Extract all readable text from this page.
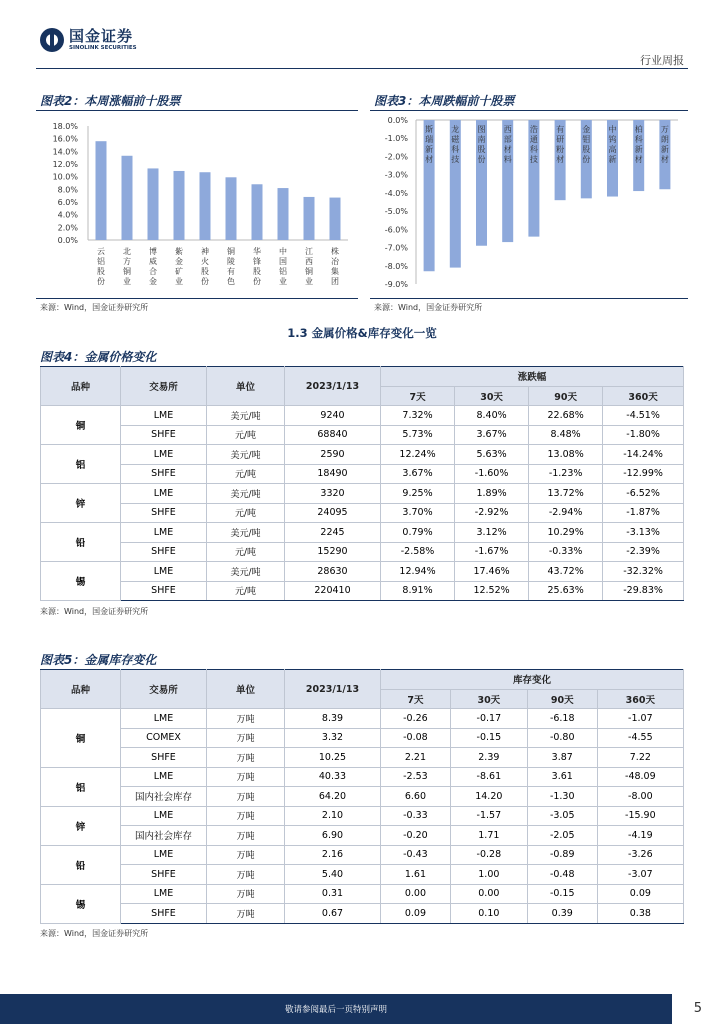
国金证券
SINOLINK SECURITIES
行业周报
图表2：本周涨幅前十股票
0.0%
2.0%
4.0%
6.0%
8.0%
10.0%
12.0%
14.0%
16.0%
18.0%
云
铝
股
份
北
方
铜
业
博
威
合
金
紫
金
矿
业
神
火
股
份
铜
陵
有
色
华
锋
股
份
中
国
铝
业
江
西
铜
业
株
冶
集
团
来源：Wind，国金证券研究所
图表3：本周跌幅前十股票
0.0%
-1.0%
-2.0%
-3.0%
-4.0%
-5.0%
-6.0%
-7.0%
-8.0%
-9.0%
斯
瑞
新
材
龙
磁
科
技
图
南
股
份
西
部
材
料
浩
通
科
技
有
研
粉
材
金
钼
股
份
中
钨
高
新
柏
科
新
材
万
朗
新
材
来源：Wind，国金证券研究所
1.3 金属价格&库存变化一览
图表4：金属价格变化
品种	交易所	单位	2023/1/13	涨跌幅			
				7天	30天	90天	360天
铜	LME	美元/吨	9240	7.32%	8.40%	22.68%	-4.51%
	SHFE	元/吨	68840	5.73%	3.67%	8.48%	-1.80%
铝	LME	美元/吨	2590	12.24%	5.63%	13.08%	-14.24%
	SHFE	元/吨	18490	3.67%	-1.60%	-1.23%	-12.99%
锌	LME	美元/吨	3320	9.25%	1.89%	13.72%	-6.52%
	SHFE	元/吨	24095	3.70%	-2.92%	-2.94%	-1.87%
铅	LME	美元/吨	2245	0.79%	3.12%	10.29%	-3.13%
	SHFE	元/吨	15290	-2.58%	-1.67%	-0.33%	-2.39%
锡	LME	美元/吨	28630	12.94%	17.46%	43.72%	-32.32%
	SHFE	元/吨	220410	8.91%	12.52%	25.63%	-29.83%
来源：Wind，国金证券研究所
图表5：金属库存变化
品种	交易所	单位	2023/1/13	库存变化			
				7天	30天	90天	360天
铜	LME	万吨	8.39	-0.26	-0.17	-6.18	-1.07
	COMEX	万吨	3.32	-0.08	-0.15	-0.80	-4.55
	SHFE	万吨	10.25	2.21	2.39	3.87	7.22
铝	LME	万吨	40.33	-2.53	-8.61	3.61	-48.09
	国内社会库存	万吨	64.20	6.60	14.20	-1.30	-8.00
锌	LME	万吨	2.10	-0.33	-1.57	-3.05	-15.90
	国内社会库存	万吨	6.90	-0.20	1.71	-2.05	-4.19
铅	LME	万吨	2.16	-0.43	-0.28	-0.89	-3.26
	SHFE	万吨	5.40	1.61	1.00	-0.48	-3.07
锡	LME	万吨	0.31	0.00	0.00	-0.15	0.09
	SHFE	万吨	0.67	0.09	0.10	0.39	0.38
来源：Wind，国金证券研究所
敬请参阅最后一页特别声明	5
